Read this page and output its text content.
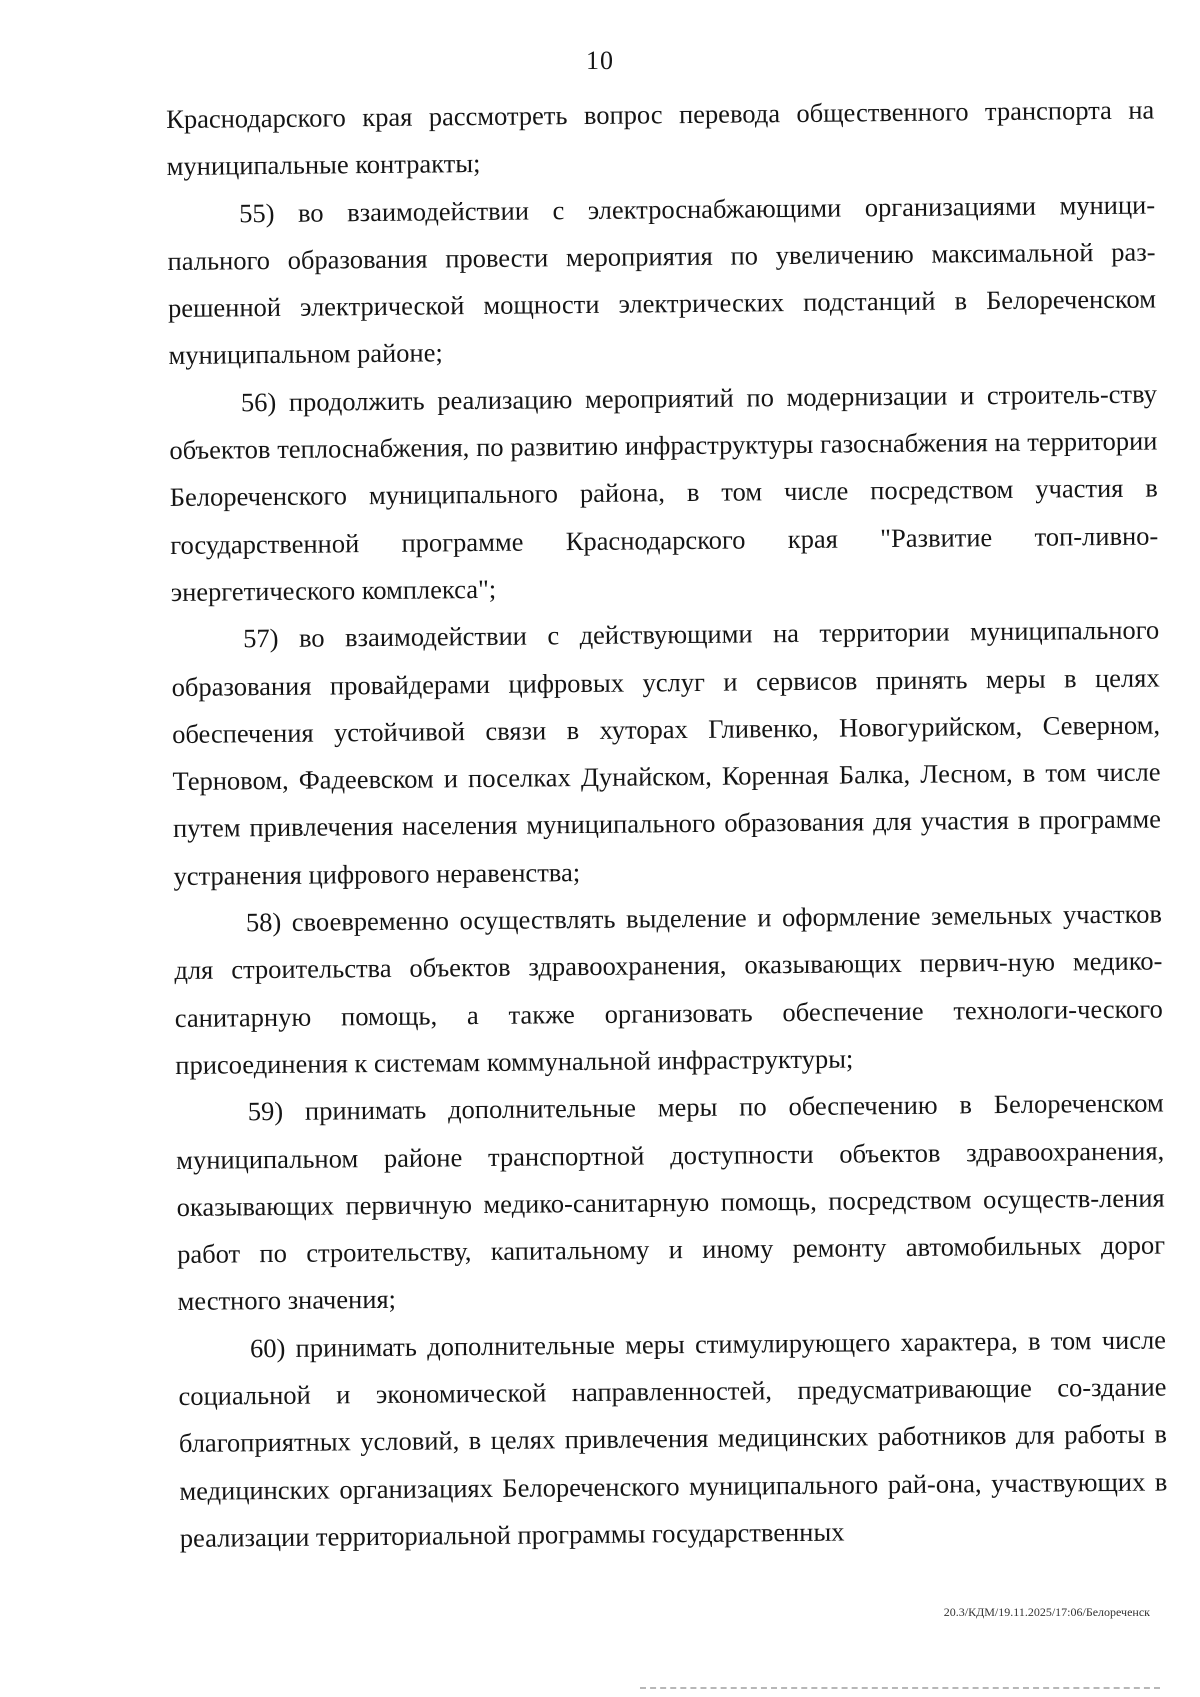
10

Краснодарского края рассмотреть вопрос перевода общественного транспорта на муниципальные контракты;

55) во взаимодействии с электроснабжающими организациями муници-пального образования провести мероприятия по увеличению максимальной раз-решенной электрической мощности электрических подстанций в Белореченском муниципальном районе;

56) продолжить реализацию мероприятий по модернизации и строитель-ству объектов теплоснабжения, по развитию инфраструктуры газоснабжения на территории Белореченского муниципального района, в том числе посредством участия в государственной программе Краснодарского края "Развитие топ-ливно-энергетического комплекса";

57) во взаимодействии с действующими на территории муниципального образования провайдерами цифровых услуг и сервисов принять меры в целях обеспечения устойчивой связи в хуторах Гливенко, Новогурийском, Северном, Терновом, Фадеевском и поселках Дунайском, Коренная Балка, Лесном, в том числе путем привлечения населения муниципального образования для участия в программе устранения цифрового неравенства;

58) своевременно осуществлять выделение и оформление земельных участков для строительства объектов здравоохранения, оказывающих первич-ную медико-санитарную помощь, а также организовать обеспечение технологи-ческого присоединения к системам коммунальной инфраструктуры;

59) принимать дополнительные меры по обеспечению в Белореченском муниципальном районе транспортной доступности объектов здравоохранения, оказывающих первичную медико-санитарную помощь, посредством осуществ-ления работ по строительству, капитальному и иному ремонту автомобильных дорог местного значения;

60) принимать дополнительные меры стимулирующего характера, в том числе социальной и экономической направленностей, предусматривающие со-здание благоприятных условий, в целях привлечения медицинских работников для работы в медицинских организациях Белореченского муниципального рай-она, участвующих в реализации территориальной программы государственных

20.3/КДМ/19.11.2025/17:06/Белореченск
